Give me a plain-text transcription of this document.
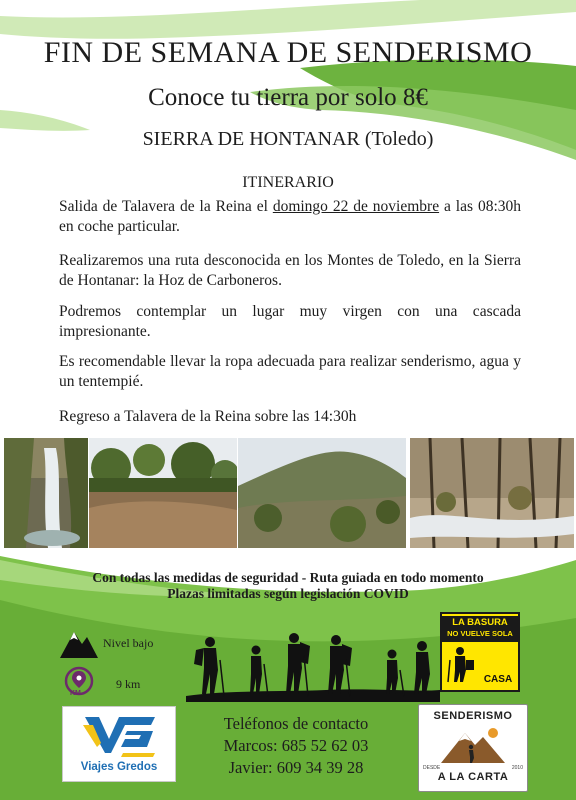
FIN DE SEMANA DE SENDERISMO
Conoce tu tierra por solo 8€
SIERRA DE HONTANAR (Toledo)
ITINERARIO
Salida de Talavera de la Reina el domingo 22 de noviembre a las 08:30h en coche particular.
Realizaremos una ruta desconocida en los Montes de Toledo, en la Sierra de Hontanar: la Hoz de Carboneros.
Podremos contemplar un lugar muy virgen con una cascada impresionante.
Es recomendable llevar la ropa adecuada para realizar senderismo, agua y un tentempié.
Regreso a Talavera de la Reina sobre las 14:30h
Con todas las medidas de seguridad - Ruta guiada en todo momento
Plazas limitadas según legislación COVID
Nivel bajo
KM
9 km
LA BASURA
NO VUELVE SOLA
CASA
Viajes Gredos
Teléfonos de contacto
Marcos: 685 52 62 03
Javier: 609 34 39 28
SENDERISMO
DESDE	2010
A LA CARTA
